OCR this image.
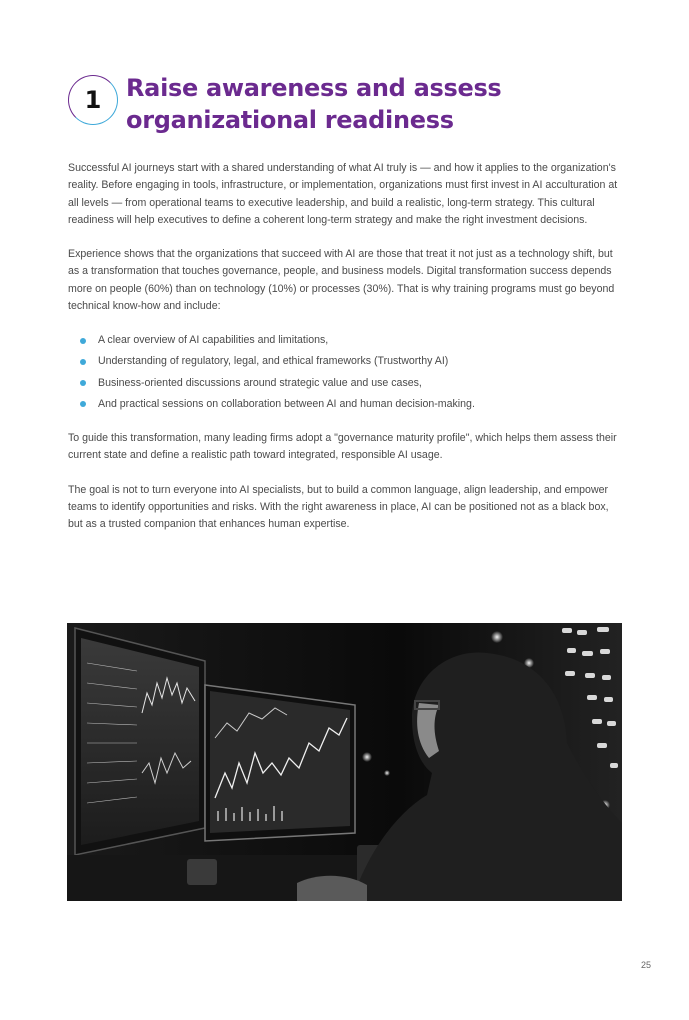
1 Raise awareness and assess organizational readiness

Successful AI journeys start with a shared understanding of what AI truly is — and how it applies to the organization's reality. Before engaging in tools, infrastructure, or implementation, organizations must first invest in AI acculturation at all levels — from operational teams to executive leadership, and build a realistic, long-term strategy. This cultural readiness will help executives to define a coherent long-term strategy and make the right investment decisions.

Experience shows that the organizations that succeed with AI are those that treat it not just as a technology shift, but as a transformation that touches governance, people, and business models. Digital transformation success depends more on people (60%) than on technology (10%) or processes (30%). That is why training programs must go beyond technical know-how and include:

A clear overview of AI capabilities and limitations,
Understanding of regulatory, legal, and ethical frameworks (Trustworthy AI)
Business-oriented discussions around strategic value and use cases,
And practical sessions on collaboration between AI and human decision-making.

To guide this transformation, many leading firms adopt a "governance maturity profile", which helps them assess their current state and define a realistic path toward integrated, responsible AI usage.

The goal is not to turn everyone into AI specialists, but to build a common language, align leadership, and empower teams to identify opportunities and risks. With the right awareness in place, AI can be positioned not as a black box, but as a trusted companion that enhances human expertise.

25
